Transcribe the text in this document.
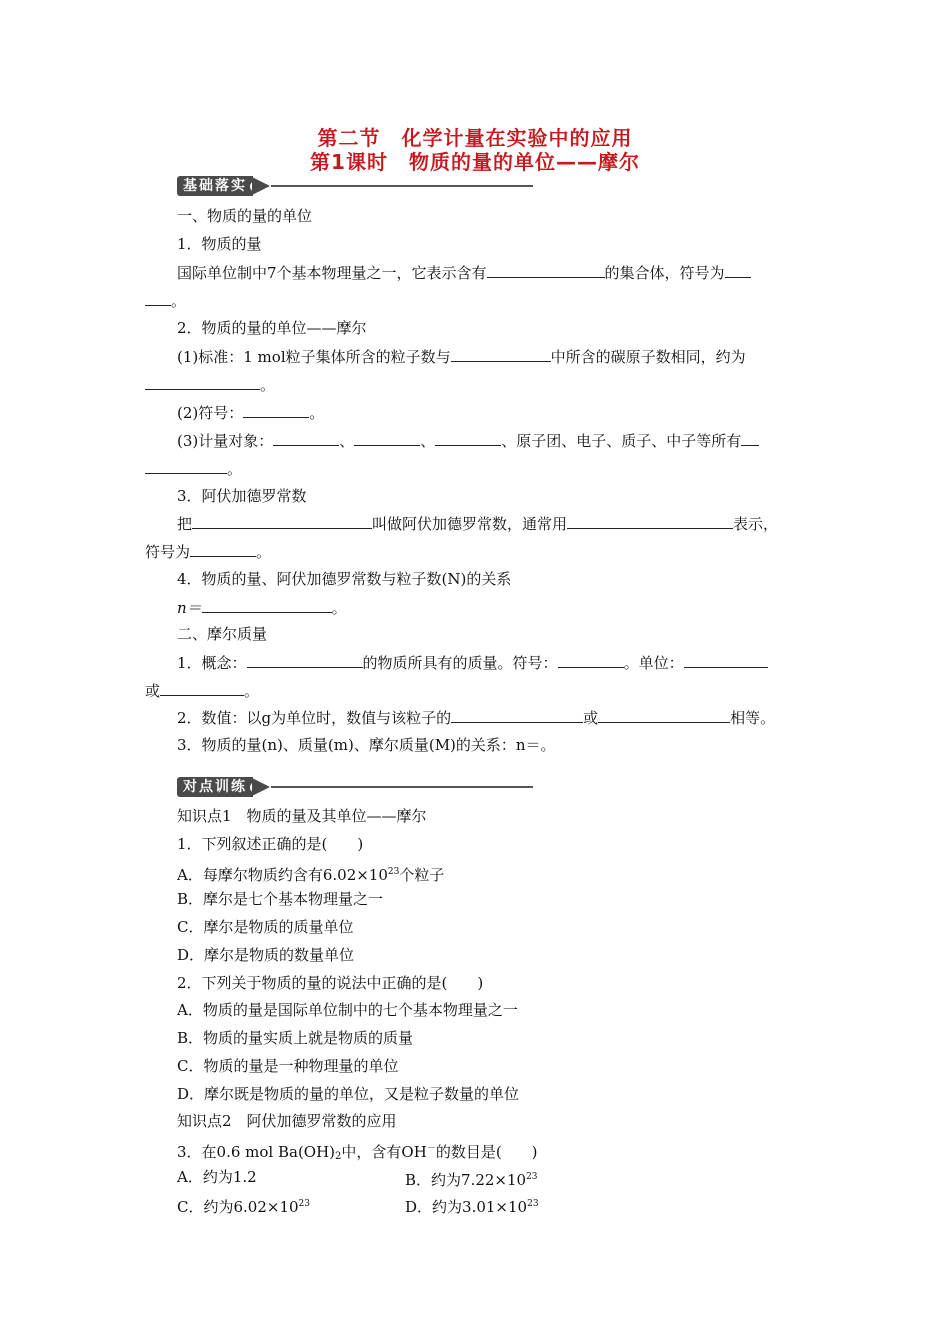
第二节　化学计量在实验中的应用
第1课时　物质的量的单位——摩尔
基础落实
一、物质的量的单位
1．物质的量
国际单位制中7个基本物理量之一，它表示含有	的集合体，符号为
。
2．物质的量的单位——摩尔
(1)标准：1 mol粒子集体所含的粒子数与	中所含的碳原子数相同，约为
。
(2)符号：	。
(3)计量对象：	、	、	、原子团、电子、质子、中子等所有
。
3．阿伏加德罗常数
把	叫做阿伏加德罗常数，通常用	表示，
符号为	。
4．物质的量、阿伏加德罗常数与粒子数(N)的关系
n＝	。
二、摩尔质量
1．概念：	的物质所具有的质量。符号：	。单位：
或	。
2．数值：以g为单位时，数值与该粒子的	或	相等。
3．物质的量(n)、质量(m)、摩尔质量(M)的关系：n＝。
对点训练
知识点1　物质的量及其单位——摩尔
1．下列叙述正确的是(　　)
A．每摩尔物质约含有$6.02\times 10^{23}$个粒子
B．摩尔是七个基本物理量之一
C．摩尔是物质的质量单位
D．摩尔是物质的数量单位
2．下列关于物质的量的说法中正确的是(　　)
A．物质的量是国际单位制中的七个基本物理量之一
B．物质的量实质上就是物质的质量
C．物质的量是一种物理量的单位
D．摩尔既是物质的量的单位，又是粒子数量的单位
知识点2　阿伏加德罗常数的应用
3．在0.6 mol $Ba(OH)_2$中，含有OH－的数目是(　　)
A．约为1.2	B．约为$7.22\times 10^{23}$
C．约为$6.02\times 10^{23}$	D．约为$3.01\times 10^{23}$
